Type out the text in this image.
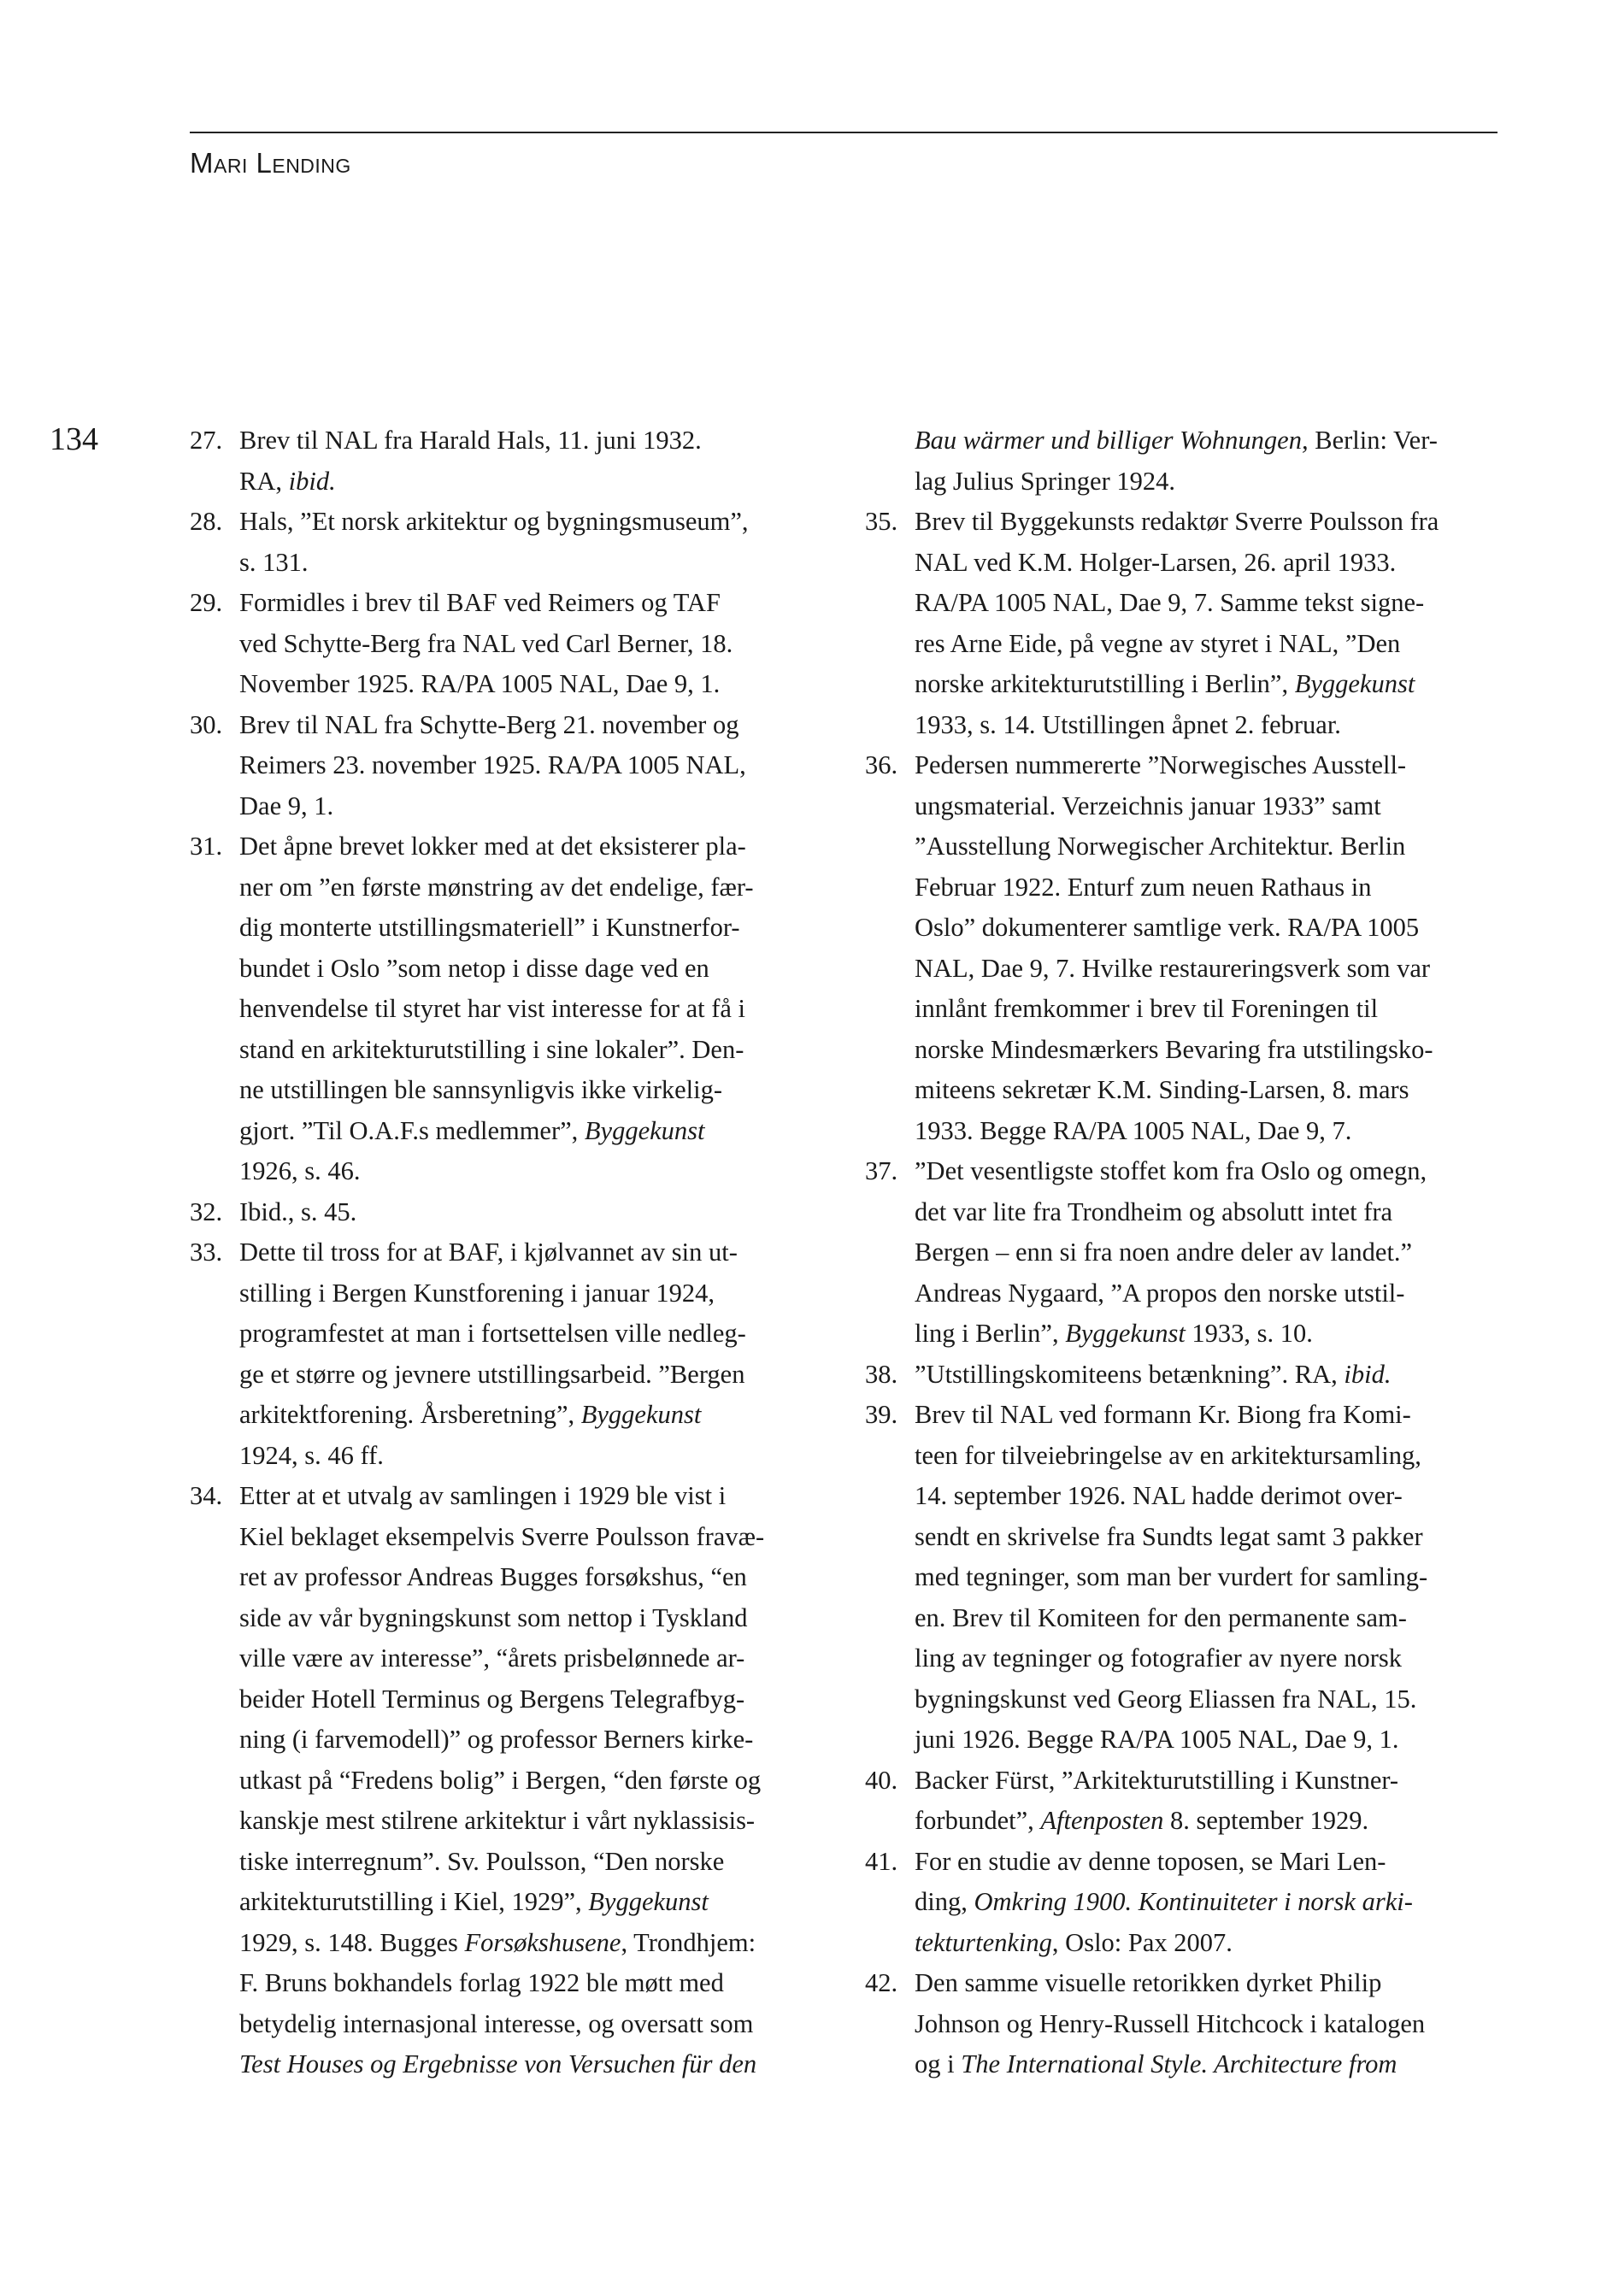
Mari Lending
134	27. Brev til NAL fra Harald Hals, 11. juni 1932.
RA, ibid.
28. Hals, ”Et norsk arkitektur og bygningsmuseum”,
s. 131.
29. Formidles i brev til BAF ved Reimers og TAF
ved Schytte-Berg fra NAL ved Carl Berner, 18.
November 1925. RA/PA 1005 NAL, Dae 9, 1.
30. Brev til NAL fra Schytte-Berg 21. november og
Reimers 23. november 1925. RA/PA 1005 NAL,
Dae 9, 1.
31. Det åpne brevet lokker med at det eksisterer pla-
ner om ”en første mønstring av det endelige, fær-
dig monterte utstillingsmateriell” i Kunstnerfor-
bundet i Oslo ”som netop i disse dage ved en
henvendelse til styret har vist interesse for at få i
stand en arkitekturutstilling i sine lokaler”. Den-
ne utstillingen ble sannsynligvis ikke virkelig-
gjort. ”Til O.A.F.s medlemmer”, Byggekunst
1926, s. 46.
32. Ibid., s. 45.
33. Dette til tross for at BAF, i kjølvannet av sin ut-
stilling i Bergen Kunstforening i januar 1924,
programfestet at man i fortsettelsen ville nedleg-
ge et større og jevnere utstillingsarbeid. ”Bergen
arkitektforening. Årsberetning”, Byggekunst
1924, s. 46 ff.
34. Etter at et utvalg av samlingen i 1929 ble vist i
Kiel beklaget eksempelvis Sverre Poulsson fravæ-
ret av professor Andreas Bugges forsøkshus, “en
side av vår bygningskunst som nettop i Tyskland
ville være av interesse”, “årets prisbelønnede ar-
beider Hotell Terminus og Bergens Telegrafbyg-
ning (i farvemodell)” og professor Berners kirke-
utkast på “Fredens bolig” i Bergen, “den første og
kanskje mest stilrene arkitektur i vårt nyklassisis-
tiske interregnum”. Sv. Poulsson, “Den norske
arkitekturutstilling i Kiel, 1929”, Byggekunst
1929, s. 148. Bugges Forsøkshusene, Trondhjem:
F. Bruns bokhandels forlag 1922 ble møtt med
betydelig internasjonal interesse, og oversatt som
Test Houses og Ergebnisse von Versuchen für den
Bau wärmer und billiger Wohnungen, Berlin: Ver-
lag Julius Springer 1924.
35. Brev til Byggekunsts redaktør Sverre Poulsson fra
NAL ved K.M. Holger-Larsen, 26. april 1933.
RA/PA 1005 NAL, Dae 9, 7. Samme tekst signe-
res Arne Eide, på vegne av styret i NAL, ”Den
norske arkitekturutstilling i Berlin”, Byggekunst
1933, s. 14. Utstillingen åpnet 2. februar.
36. Pedersen nummererte ”Norwegisches Ausstell-
ungsmaterial. Verzeichnis januar 1933” samt
”Ausstellung Norwegischer Architektur. Berlin
Februar 1922. Enturf zum neuen Rathaus in
Oslo” dokumenterer samtlige verk. RA/PA 1005
NAL, Dae 9, 7. Hvilke restaureringsverk som var
innlånt fremkommer i brev til Foreningen til
norske Mindesmærkers Bevaring fra utstilingsko-
miteens sekretær K.M. Sinding-Larsen, 8. mars
1933. Begge RA/PA 1005 NAL, Dae 9, 7.
37. ”Det vesentligste stoffet kom fra Oslo og omegn,
det var lite fra Trondheim og absolutt intet fra
Bergen – enn si fra noen andre deler av landet.”
Andreas Nygaard, ”A propos den norske utstil-
ling i Berlin”, Byggekunst 1933, s. 10.
38. ”Utstillingskomiteens betænkning”. RA, ibid.
39. Brev til NAL ved formann Kr. Biong fra Komi-
teen for tilveiebringelse av en arkitektursamling,
14. september 1926. NAL hadde derimot over-
sendt en skrivelse fra Sundts legat samt 3 pakker
med tegninger, som man ber vurdert for samling-
en. Brev til Komiteen for den permanente sam-
ling av tegninger og fotografier av nyere norsk
bygningskunst ved Georg Eliassen fra NAL, 15.
juni 1926. Begge RA/PA 1005 NAL, Dae 9, 1.
40. Backer Fürst, ”Arkitekturutstilling i Kunstner-
forbundet”, Aftenposten 8. september 1929.
41. For en studie av denne toposen, se Mari Len-
ding, Omkring 1900. Kontinuiteter i norsk arki-
tekturtenking, Oslo: Pax 2007.
42. Den samme visuelle retorikken dyrket Philip
Johnson og Henry-Russell Hitchcock i katalogen
og i The International Style. Architecture from
